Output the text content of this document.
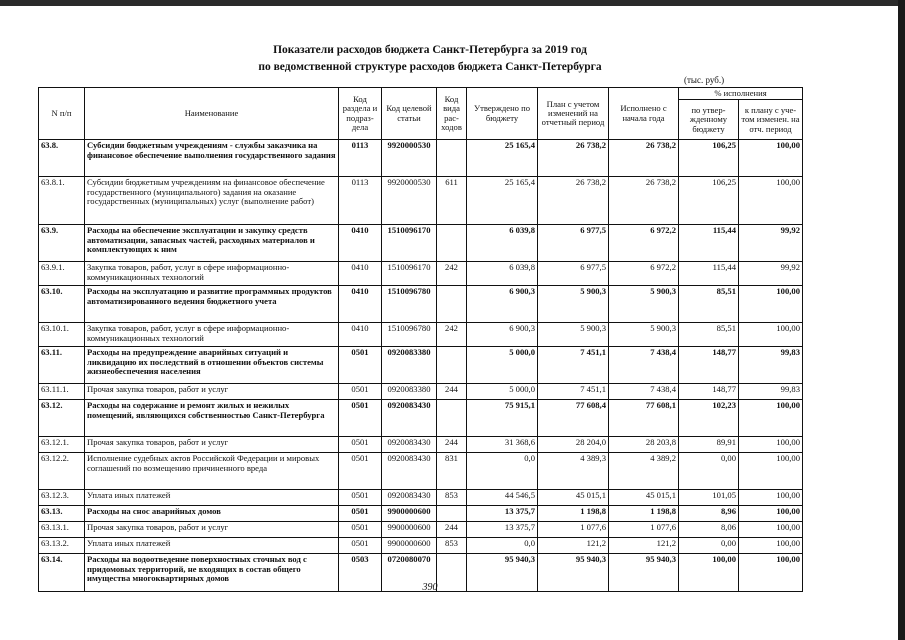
Показатели расходов бюджета Санкт-Петербурга за 2019 год
по ведомственной структуре расходов бюджета Санкт-Петербурга
(тыс. руб.)
N п/п	Наименование	Код раздела и подраз-дела	Код целевой статьи	Код вида рас-ходов	Утверждено по бюджету	План с учетом изменений на отчетный период	Исполнено с начала года	% исполнения	
								по утвер-жденному бюджету	к плану с уче-том изменен. на отч. период
63.8.	Субсидии бюджетным учреждениям - службы заказчика на финансовое обеспечение выполнения государственного задания	0113	9920000530		25 165,4	26 738,2	26 738,2	106,25	100,00
63.8.1.	Субсидии бюджетным учреждениям на финансовое обеспечение государственного (муниципального) задания на оказание государственных (муниципальных) услуг (выполнение работ)	0113	9920000530	611	25 165,4	26 738,2	26 738,2	106,25	100,00
63.9.	Расходы на обеспечение эксплуатации и закупку средств автоматизации, запасных частей, расходных материалов и комплектующих к ним	0410	1510096170		6 039,8	6 977,5	6 972,2	115,44	99,92
63.9.1.	Закупка товаров, работ, услуг в сфере информационно-коммуникационных технологий	0410	1510096170	242	6 039,8	6 977,5	6 972,2	115,44	99,92
63.10.	Расходы на эксплуатацию и развитие программных продуктов автоматизированного ведения бюджетного учета	0410	1510096780		6 900,3	5 900,3	5 900,3	85,51	100,00
63.10.1.	Закупка товаров, работ, услуг в сфере информационно-коммуникационных технологий	0410	1510096780	242	6 900,3	5 900,3	5 900,3	85,51	100,00
63.11.	Расходы на предупреждение аварийных ситуаций и ликвидацию их последствий в отношении объектов системы жизнеобеспечения населения	0501	0920083380		5 000,0	7 451,1	7 438,4	148,77	99,83
63.11.1.	Прочая закупка товаров, работ и услуг	0501	0920083380	244	5 000,0	7 451,1	7 438,4	148,77	99,83
63.12.	Расходы на содержание и ремонт жилых и нежилых помещений, являющихся собственностью Санкт-Петербурга	0501	0920083430		75 915,1	77 608,4	77 608,1	102,23	100,00
63.12.1.	Прочая закупка товаров, работ и услуг	0501	0920083430	244	31 368,6	28 204,0	28 203,8	89,91	100,00
63.12.2.	Исполнение судебных актов Российской Федерации и мировых соглашений по возмещению причиненного вреда	0501	0920083430	831	0,0	4 389,3	4 389,2	0,00	100,00
63.12.3.	Уплата иных платежей	0501	0920083430	853	44 546,5	45 015,1	45 015,1	101,05	100,00
63.13.	Расходы на снос аварийных домов	0501	9900000600		13 375,7	1 198,8	1 198,8	8,96	100,00
63.13.1.	Прочая закупка товаров, работ и услуг	0501	9900000600	244	13 375,7	1 077,6	1 077,6	8,06	100,00
63.13.2.	Уплата иных платежей	0501	9900000600	853	0,0	121,2	121,2	0,00	100,00
63.14.	Расходы на водоотведение поверхностных сточных вод с придомовых территорий, не входящих в состав общего имущества многоквартирных домов	0503	0720080070		95 940,3	95 940,3	95 940,3	100,00	100,00
390
